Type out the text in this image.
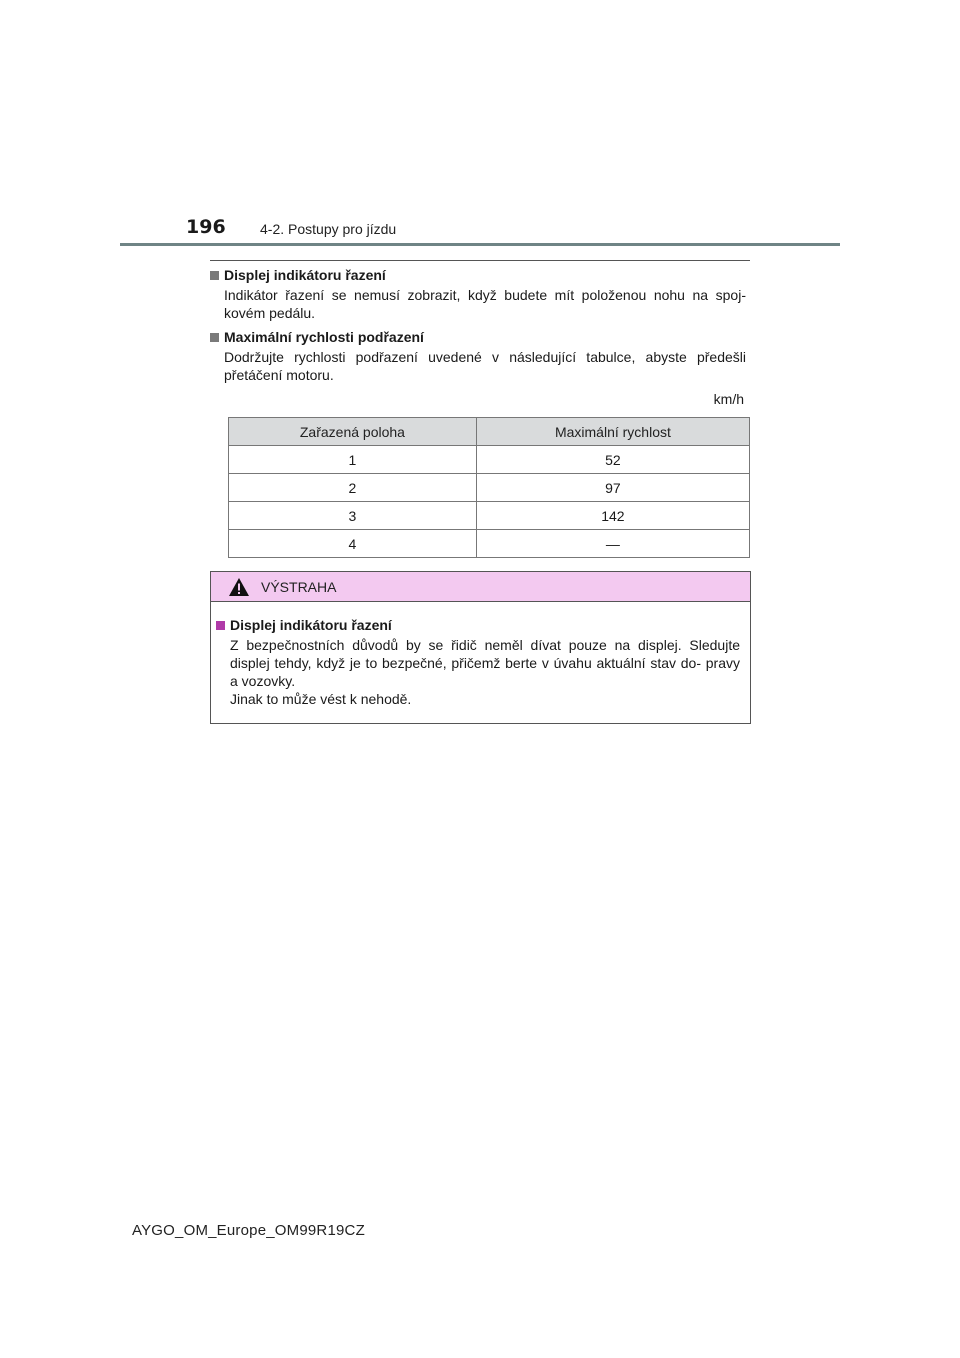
196 4-2. Postupy pro jízdu
Displej indikátoru řazení
Indikátor řazení se nemusí zobrazit, když budete mít položenou nohu na spoj- kovém pedálu.
Maximální rychlosti podřazení
Dodržujte rychlosti podřazení uvedené v následující tabulce, abyste předešli přetáčení motoru.
km/h
Zařazená poloha	Maximální rychlost
1	52
2	97
3	142
4	—
VÝSTRAHA
Displej indikátoru řazení
Z bezpečnostních důvodů by se řidič neměl dívat pouze na displej. Sledujte displej tehdy, když je to bezpečné, přičemž berte v úvahu aktuální stav do- pravy a vozovky.
Jinak to může vést k nehodě.
AYGO_OM_Europe_OM99R19CZ
